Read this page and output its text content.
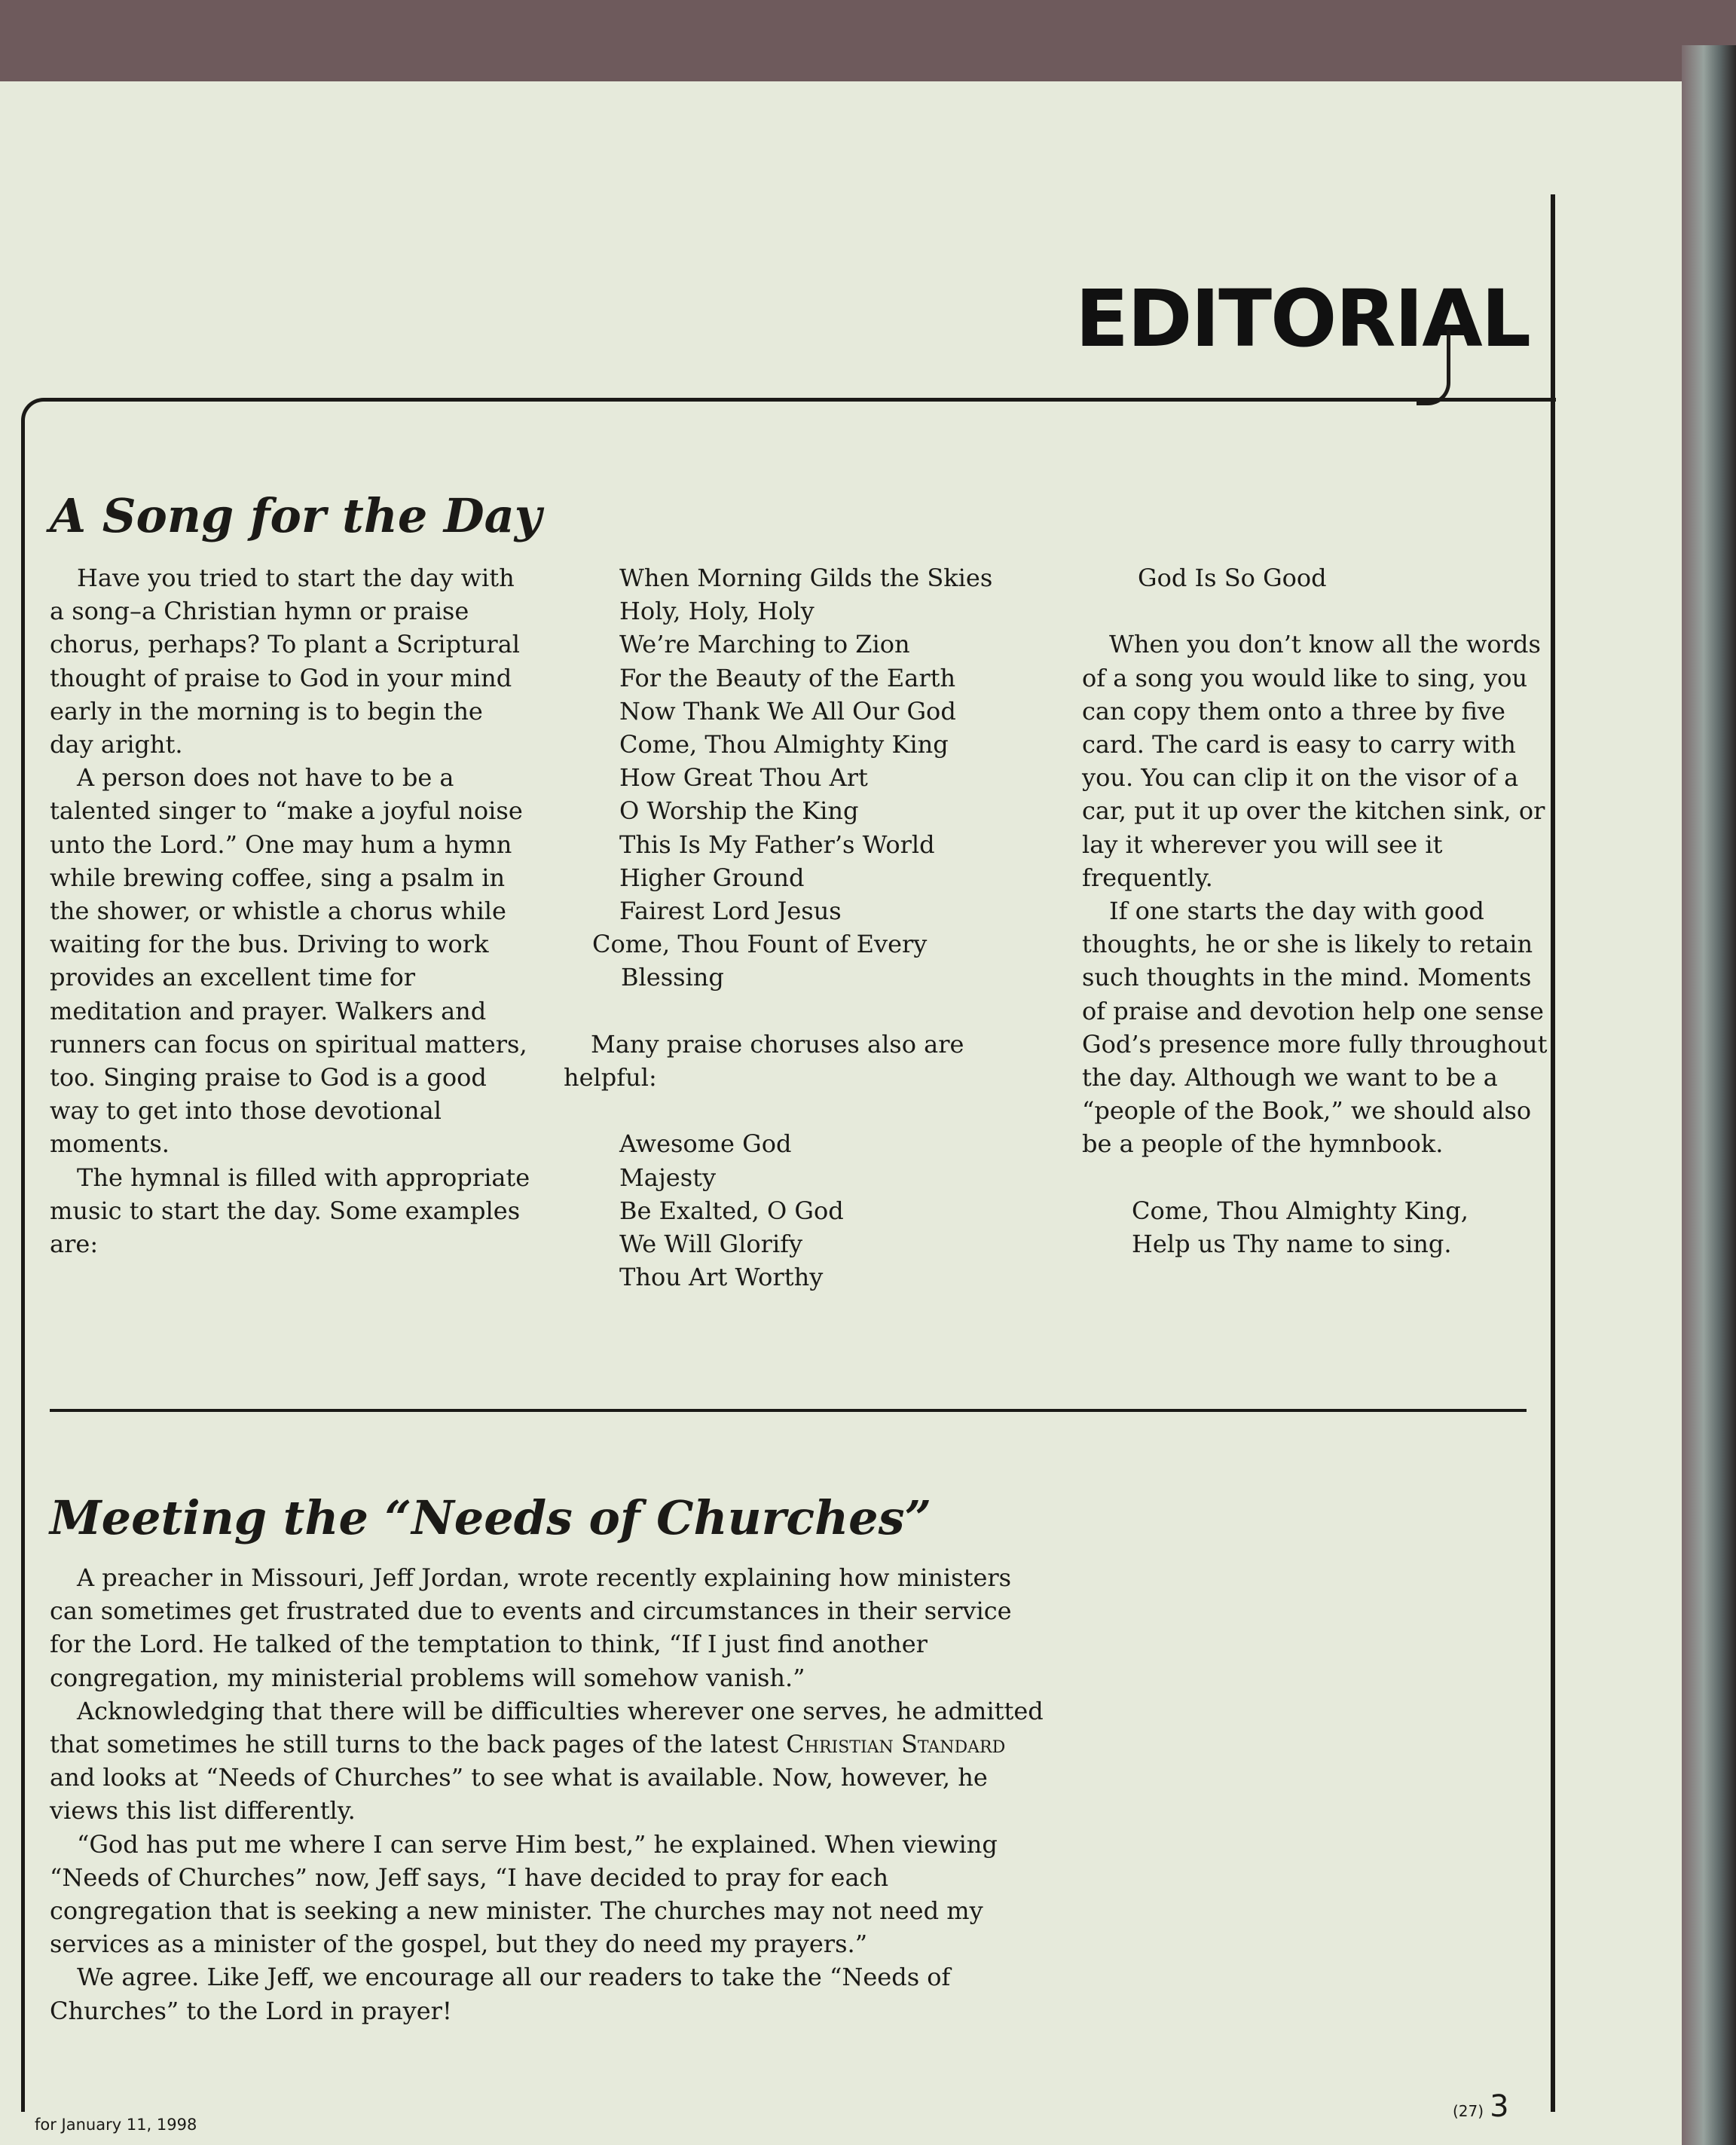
EDITORIAL
A Song for the Day

Have you tried to start the day with a song–a Christian hymn or praise chorus, perhaps? To plant a Scriptural thought of praise to God in your mind early in the morning is to begin the day aright.

A person does not have to be a talented singer to “make a joyful noise unto the Lord.” One may hum a hymn while brewing coffee, sing a psalm in the shower, or whistle a chorus while waiting for the bus. Driving to work provides an excellent time for meditation and prayer. Walkers and runners can focus on spiritual matters, too. Singing praise to God is a good way to get into those devotional moments.

The hymnal is filled with appropriate music to start the day. Some examples are:

When Morning Gilds the Skies

Holy, Holy, Holy

We’re Marching to Zion

For the Beauty of the Earth

Now Thank We All Our God

Come, Thou Almighty King

How Great Thou Art

O Worship the King

This Is My Father’s World

Higher Ground

Fairest Lord Jesus

Come, Thou Fount of Every Blessing

Many praise choruses also are helpful:

Awesome God

Majesty

Be Exalted, O God

We Will Glorify

Thou Art Worthy

God Is So Good

When you don’t know all the words of a song you would like to sing, you can copy them onto a three by five card. The card is easy to carry with you. You can clip it on the visor of a car, put it up over the kitchen sink, or lay it wherever you will see it frequently.

If one starts the day with good thoughts, he or she is likely to retain such thoughts in the mind. Moments of praise and devotion help one sense God’s presence more fully throughout the day. Although we want to be a “people of the Book,” we should also be a people of the hymnbook.

Come, Thou Almighty King,

Help us Thy name to sing.

Meeting the “Needs of Churches”

A preacher in Missouri, Jeff Jordan, wrote recently explaining how ministers can sometimes get frustrated due to events and circumstances in their service for the Lord. He talked of the temptation to think, “If I just find another congregation, my ministerial problems will somehow vanish.”

Acknowledging that there will be difficulties wherever one serves, he admitted that sometimes he still turns to the back pages of the latest Christian Standard and looks at “Needs of Churches” to see what is available. Now, however, he views this list differently.

“God has put me where I can serve Him best,” he explained. When viewing “Needs of Churches” now, Jeff says, “I have decided to pray for each congregation that is seeking a new minister. The churches may not need my services as a minister of the gospel, but they do need my prayers.”

We agree. Like Jeff, we encourage all our readers to take the “Needs of Churches” to the Lord in prayer!

for January 11, 1998
(27) 3
